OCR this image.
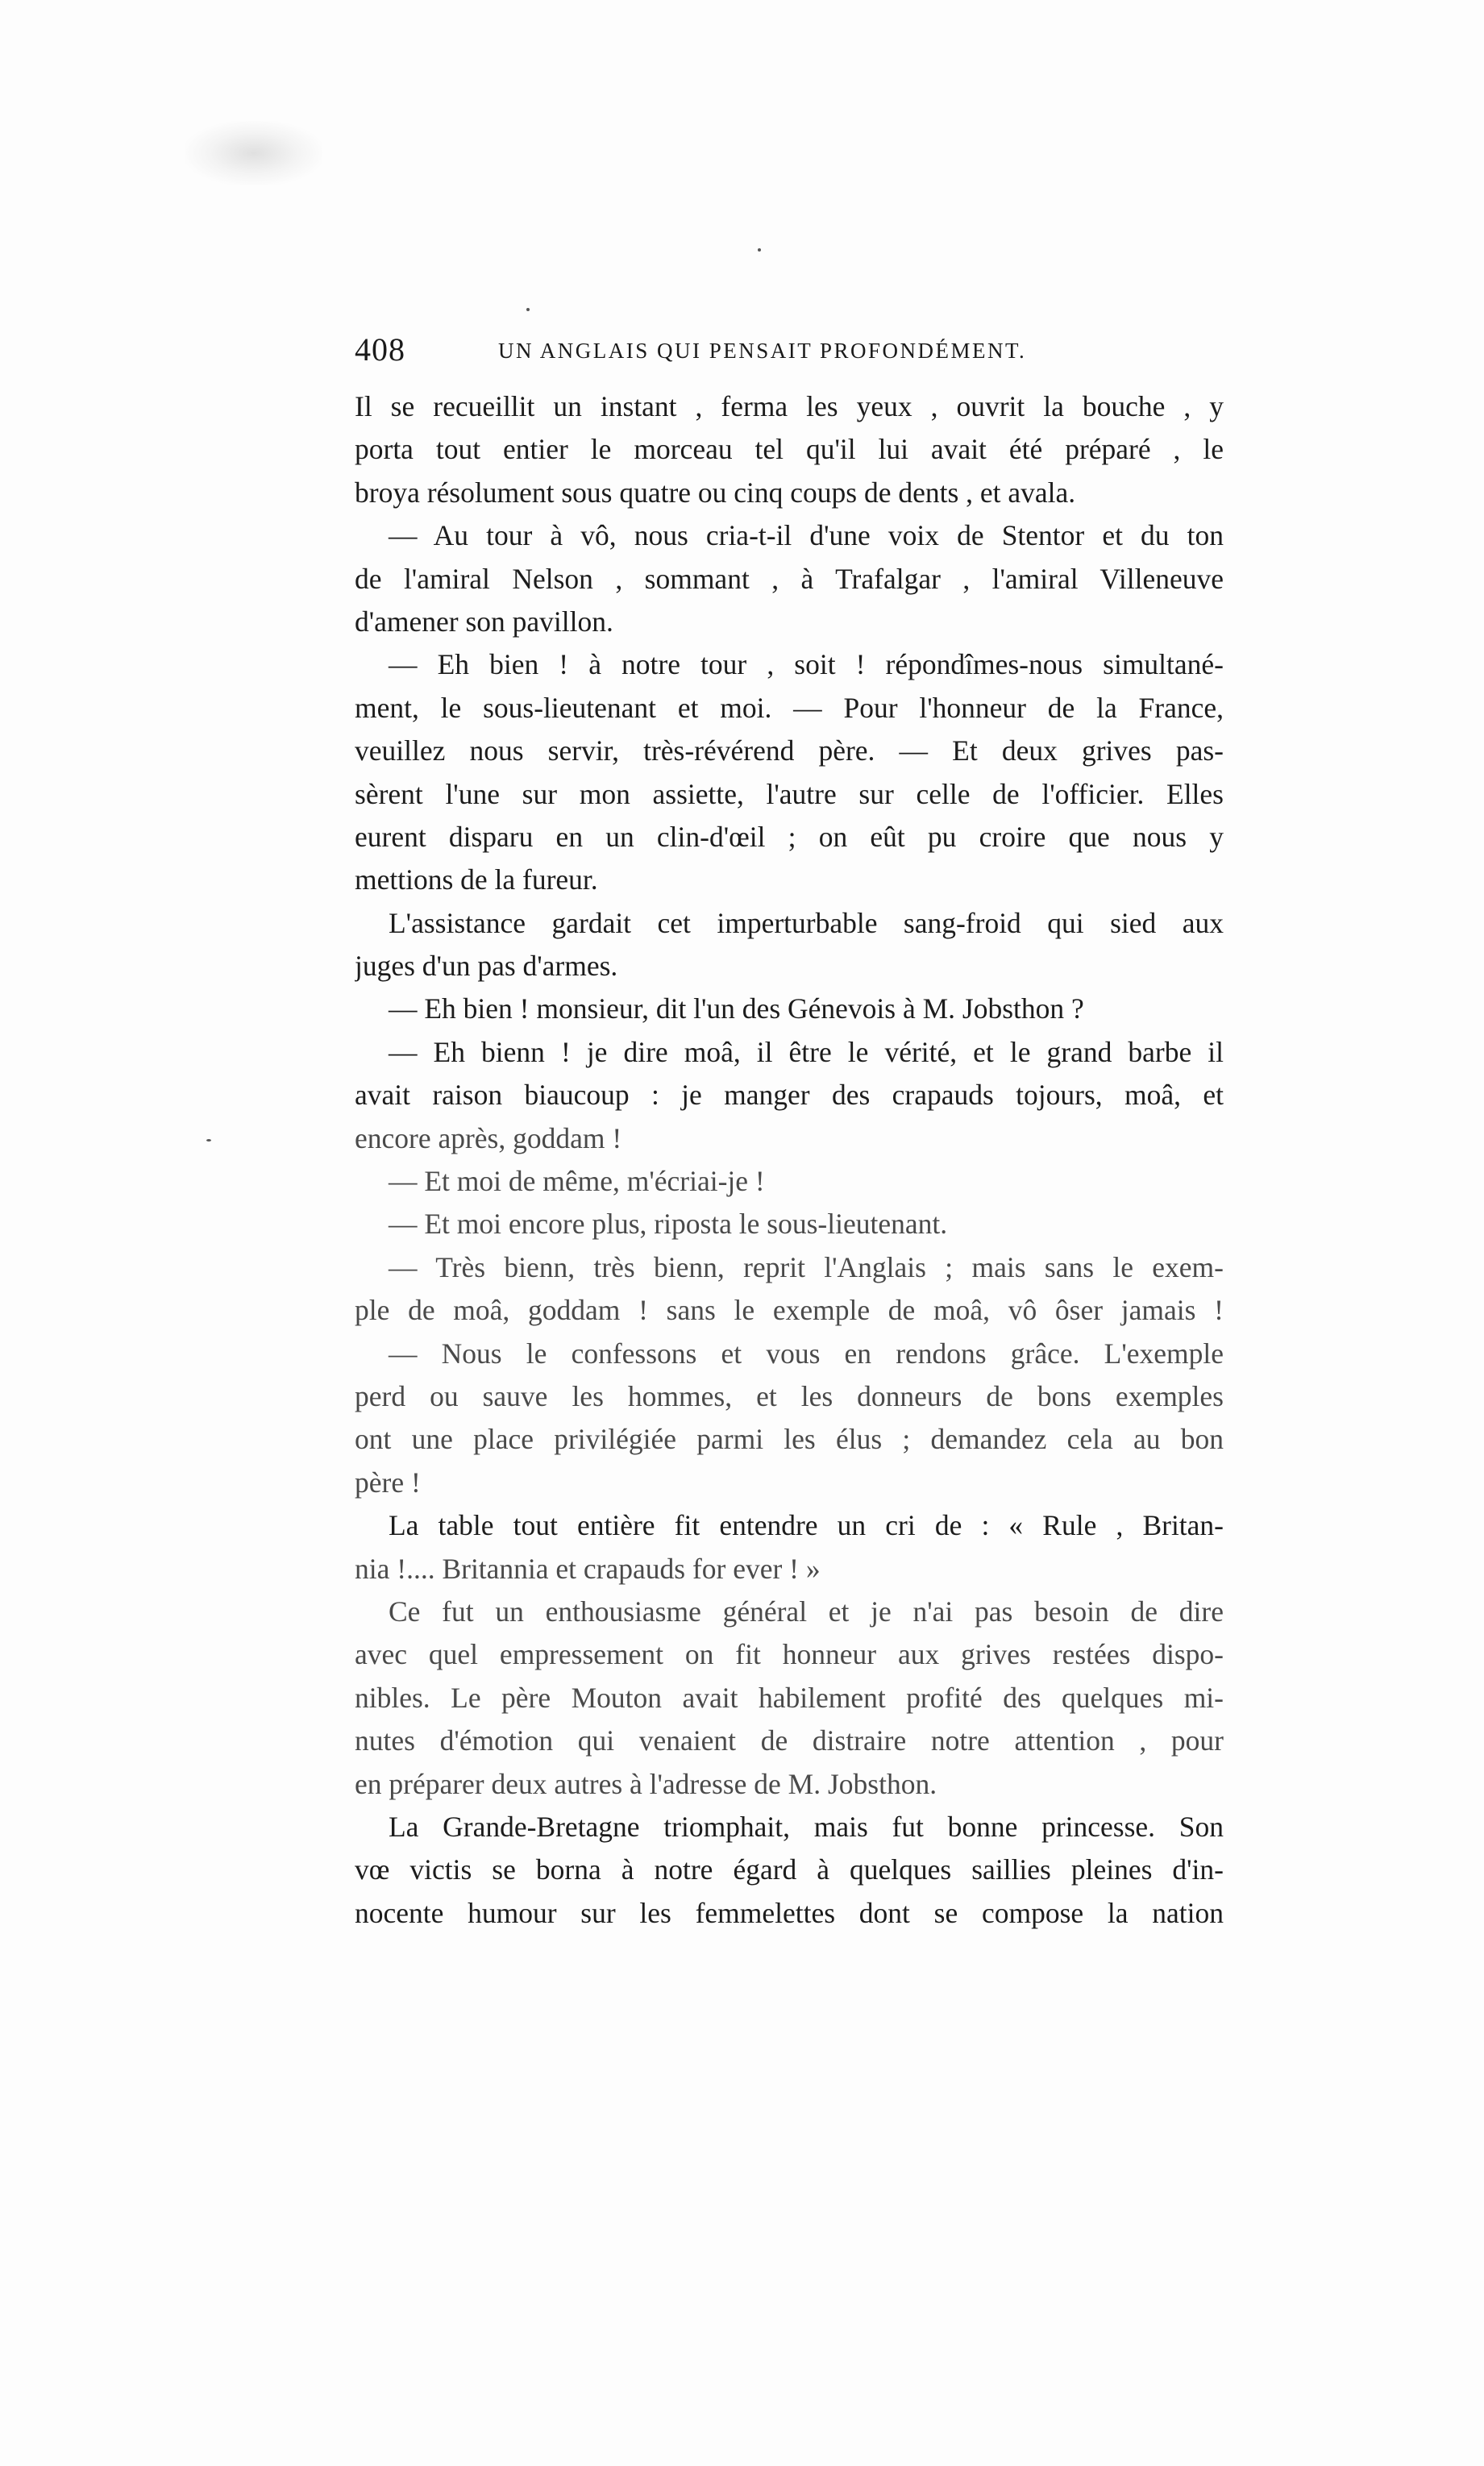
408	UN ANGLAIS QUI PENSAIT PROFONDÉMENT.
Il se recueillit un instant , ferma les yeux , ouvrit la bouche , y
porta tout entier le morceau tel qu'il lui avait été préparé , le
broya résolument sous quatre ou cinq coups de dents , et avala.
— Au tour à vô, nous cria-t-il d'une voix de Stentor et du ton
de l'amiral Nelson , sommant , à Trafalgar , l'amiral Villeneuve
d'amener son pavillon.
— Eh bien ! à notre tour , soit ! répondîmes-nous simultané-
ment, le sous-lieutenant et moi. — Pour l'honneur de la France,
veuillez nous servir, très-révérend père. — Et deux grives pas-
sèrent l'une sur mon assiette, l'autre sur celle de l'officier. Elles
eurent disparu en un clin-d'œil ; on eût pu croire que nous y
mettions de la fureur.
L'assistance gardait cet imperturbable sang-froid qui sied aux
juges d'un pas d'armes.
— Eh bien ! monsieur, dit l'un des Génevois à M. Jobsthon ?
— Eh bienn ! je dire moâ, il être le vérité, et le grand barbe il
avait raison biaucoup : je manger des crapauds tojours, moâ, et
encore après, goddam !
— Et moi de même, m'écriai-je !
— Et moi encore plus, riposta le sous-lieutenant.
— Très bienn, très bienn, reprit l'Anglais ; mais sans le exem-
ple de moâ, goddam ! sans le exemple de moâ, vô ôser jamais !
— Nous le confessons et vous en rendons grâce. L'exemple
perd ou sauve les hommes, et les donneurs de bons exemples
ont une place privilégiée parmi les élus ; demandez cela au bon
père !
La table tout entière fit entendre un cri de : « Rule , Britan-
nia !.... Britannia et crapauds for ever ! »
Ce fut un enthousiasme général et je n'ai pas besoin de dire
avec quel empressement on fit honneur aux grives restées dispo-
nibles. Le père Mouton avait habilement profité des quelques mi-
nutes d'émotion qui venaient de distraire notre attention , pour
en préparer deux autres à l'adresse de M. Jobsthon.
La Grande-Bretagne triomphait, mais fut bonne princesse. Son
vœ victis se borna à notre égard à quelques saillies pleines d'in-
nocente humour sur les femmelettes dont se compose la nation
